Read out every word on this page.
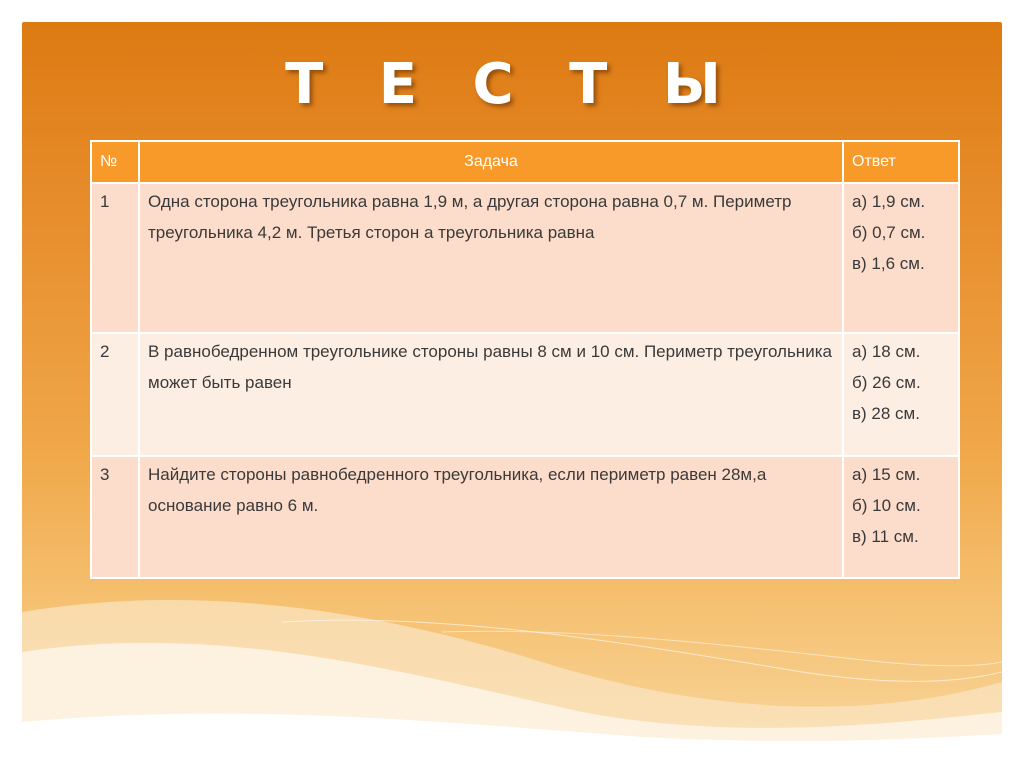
Т Е С Т Ы
№	Задача	Ответ
1	Одна сторона треугольника равна 1,9 м, а другая сторона равна 0,7 м. Периметр треугольника 4,2 м. Третья сторон а треугольника равна	а) 1,9 см.
б) 0,7 см.
в) 1,6 см.

2	В равнобедренном треугольнике стороны равны 8 см и 10 см. Периметр треугольника может быть равен	а) 18 см.
б) 26 см.
в) 28 см.

3	Найдите стороны равнобедренного треугольника, если периметр равен 28м,а основание равно 6 м.	а) 15 см.
б) 10 см.
в) 11 см.
